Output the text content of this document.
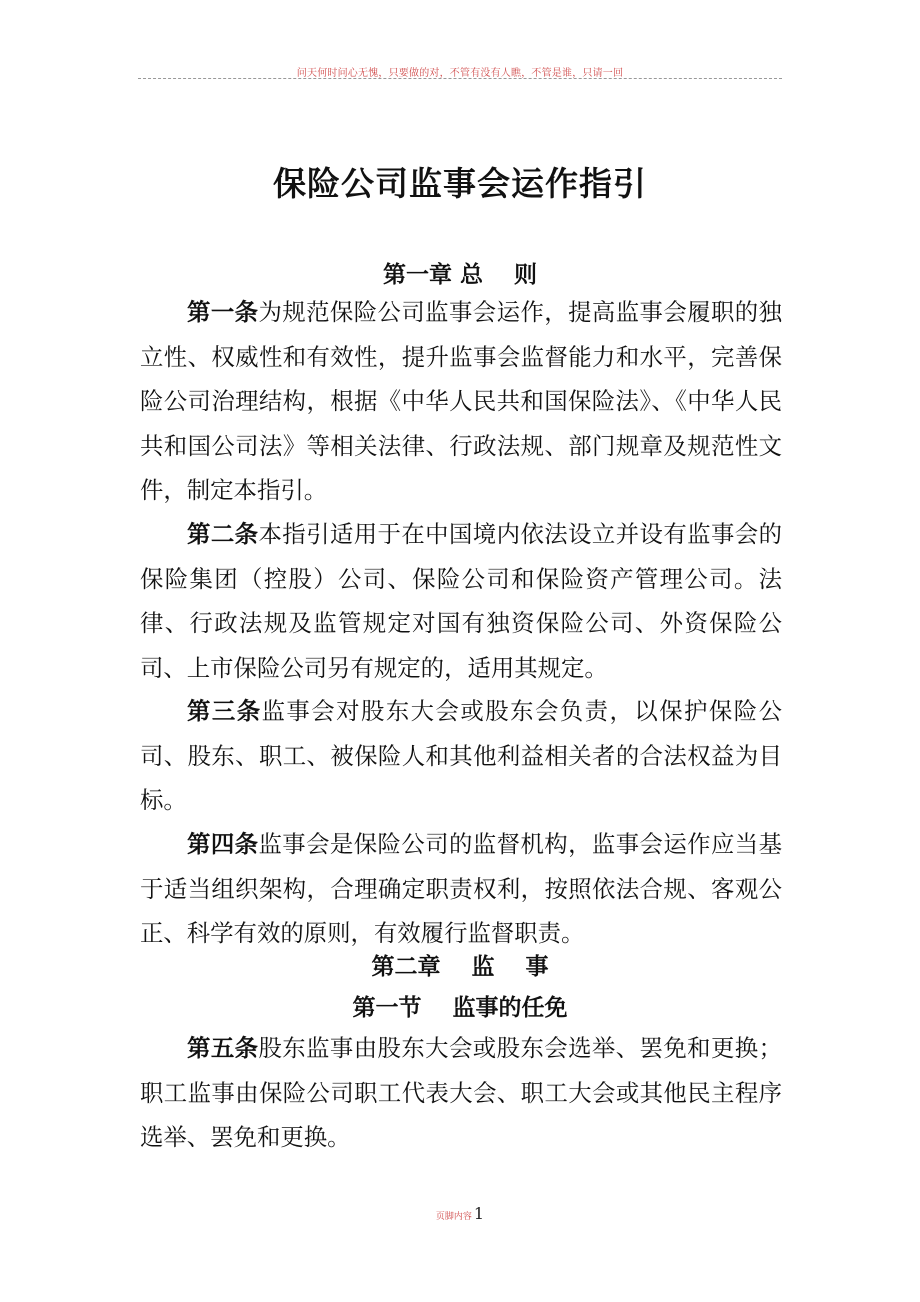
问天何时问心无愧，只要做的对，不管有没有人瞧，不管是谁，只请一回
保险公司监事会运作指引
第一章 总 　则

第一条为规范保险公司监事会运作，提高监事会履职的独立性、权威性和有效性，提升监事会监督能力和水平，完善保险公司治理结构，根据《中华人民共和国保险法》、《中华人民共和国公司法》等相关法律、行政法规、部门规章及规范性文件，制定本指引。

第二条本指引适用于在中国境内依法设立并设有监事会的保险集团（控股）公司、保险公司和保险资产管理公司。法律、行政法规及监管规定对国有独资保险公司、外资保险公司、上市保险公司另有规定的，适用其规定。

第三条监事会对股东大会或股东会负责，以保护保险公司、股东、职工、被保险人和其他利益相关者的合法权益为目标。

第四条监事会是保险公司的监督机构，监事会运作应当基于适当组织架构，合理确定职责权利，按照依法合规、客观公正、科学有效的原则，有效履行监督职责。

第二章 　监 　事
第一节 　监事的任免

第五条股东监事由股东大会或股东会选举、罢免和更换；职工监事由保险公司职工代表大会、职工大会或其他民主程序选举、罢免和更换。

页脚内容 1
